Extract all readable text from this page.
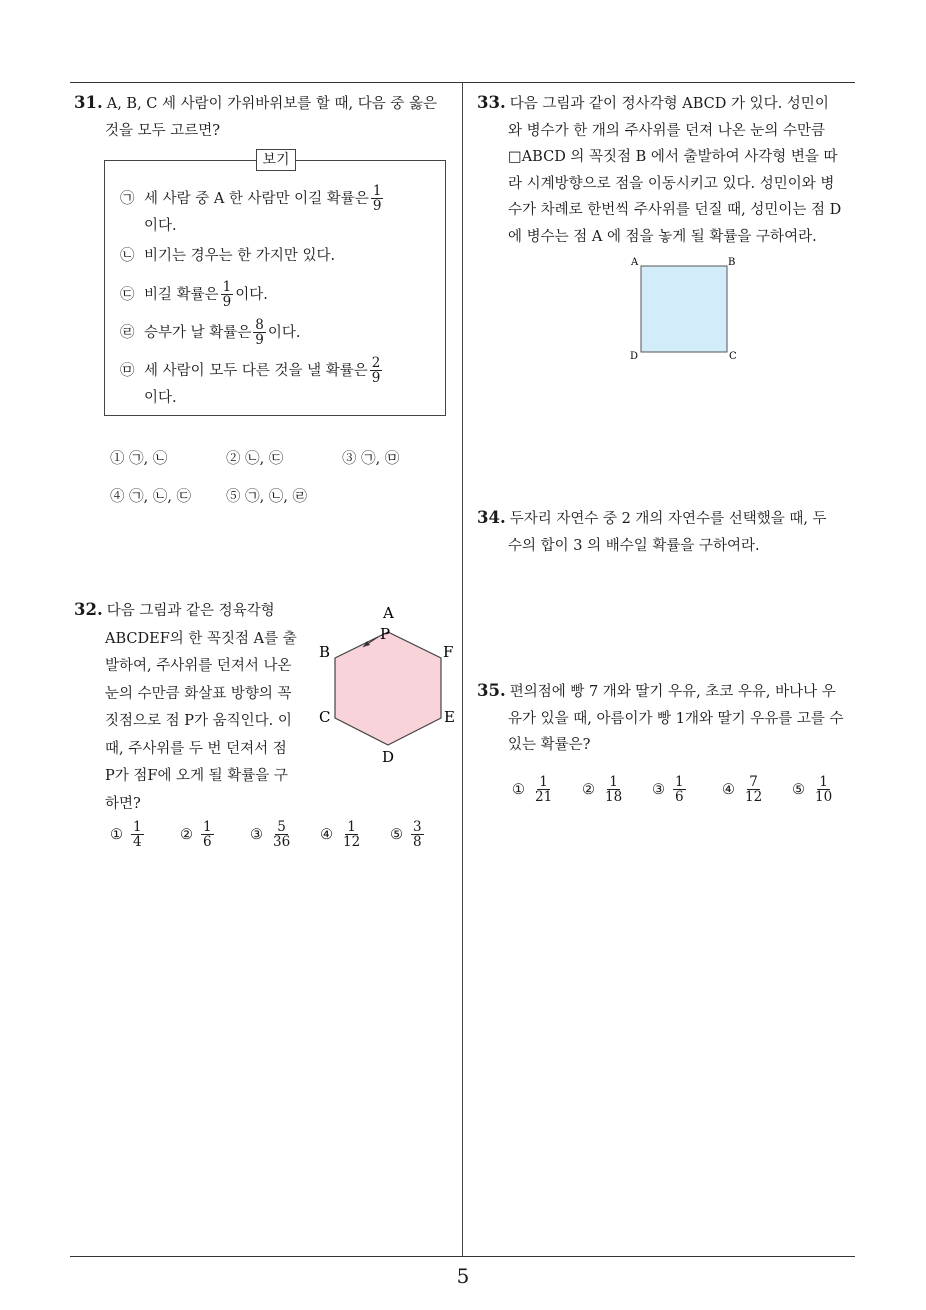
5
31. A, B, C 세 사람이 가위바위보를 할 때, 다음 중 옳은
것을 모두 고르면?
보기
㉠ 세 사람 중 A 한 사람만 이길 확률은 $\frac{1}{9}$
이다.
㉡ 비기는 경우는 한 가지만 있다.
㉢ 비길 확률은 $\frac{1}{9}$ 이다.
㉣ 승부가 날 확률은 $\frac{8}{9}$ 이다.
㉤ 세 사람이 모두 다른 것을 낼 확률은 $\frac{2}{9}$
이다.
① ㉠, ㉡	② ㉡, ㉢	③ ㉠, ㉤
④ ㉠, ㉡, ㉢ ⑤ ㉠, ㉡, ㉣
32. 다음 그림과 같은 정육각형
ABCDEF의 한 꼭짓점 A를 출
발하여, 주사위를 던져서 나온
눈의 수만큼 화살표 방향의 꼭
짓점으로 점 P가 움직인다. 이
때, 주사위를 두 번 던져서 점
P가 점F에 오게 될 확률을 구
하면?
A
P
B	F
C	E
D
① $\frac{1}{4}$	② $\frac{1}{6}$	③ $\frac{5}{36}$ ④ $\frac{1}{12}$ ⑤ $\frac{3}{8}$
33. 다음 그림과 같이 정사각형 ABCD 가 있다. 성민이
와 병수가 한 개의 주사위를 던져 나온 눈의 수만큼
□ABCD 의 꼭짓점 B 에서 출발하여 사각형 변을 따
라 시계방향으로 점을 이동시키고 있다. 성민이와 병
수가 차례로 한번씩 주사위를 던질 때, 성민이는 점 D
에 병수는 점 A 에 점을 놓게 될 확률을 구하여라.
A	B
D	C
34. 두자리 자연수 중 2 개의 자연수를 선택했을 때, 두
수의 합이 3 의 배수일 확률을 구하여라.
35. 편의점에 빵 7 개와 딸기 우유, 초코 우유, 바나나 우
유가 있을 때, 아름이가 빵 1개와 딸기 우유를 고를 수
있는 확률은?
① $\frac{1}{21}$ ② $\frac{1}{18}$ ③ $\frac{1}{6}$	④ $\frac{7}{12}$ ⑤ $\frac{1}{10}$
